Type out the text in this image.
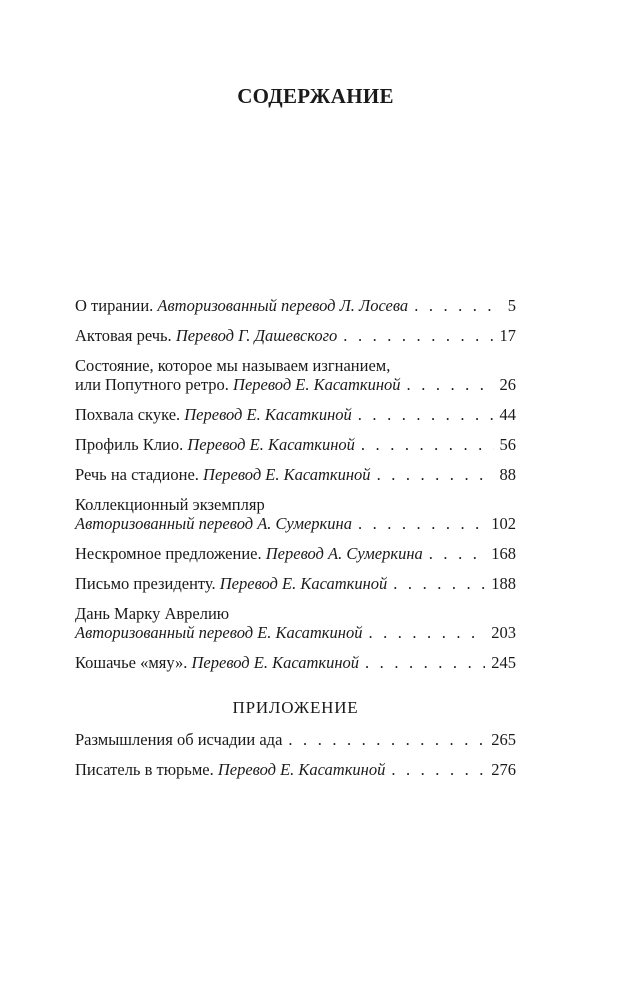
СОДЕРЖАНИЕ
О тирании. Авторизованный перевод Л. Лосева . . .	5
Актовая речь. Перевод Г. Дашевского . . .	17
Состояние, которое мы называем изгнанием,
или Попутного ретро. Перевод Е. Касаткиной . . .	26
Похвала скуке. Перевод Е. Касаткиной . . .	44
Профиль Клио. Перевод Е. Касаткиной . . .	56
Речь на стадионе. Перевод Е. Касаткиной . . .	88
Коллекционный экземпляр
Авторизованный перевод А. Сумеркина . . .	102
Нескромное предложение. Перевод А. Сумеркина . . .	168
Письмо президенту. Перевод Е. Касаткиной . . .	188
Дань Марку Аврелию
Авторизованный перевод Е. Касаткиной . . .	203
Кошачье «мяу». Перевод Е. Касаткиной . . .	245
ПРИЛОЖЕНИЕ
Размышления об исчадии ада . . .	265
Писатель в тюрьме. Перевод Е. Касаткиной . . .	276
